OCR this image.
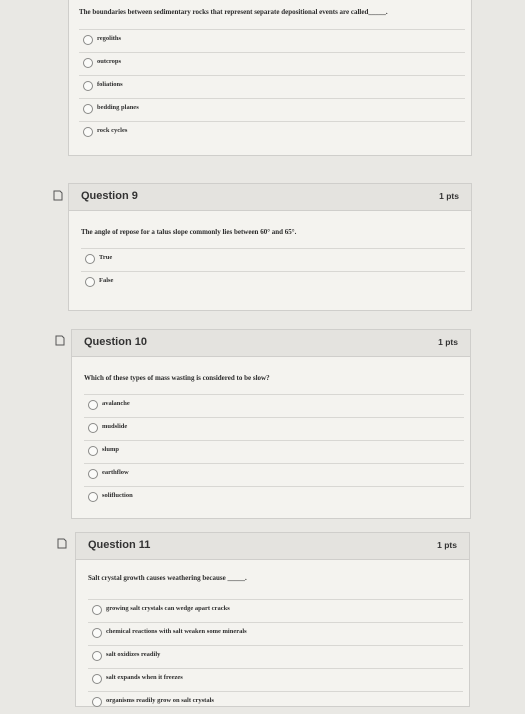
The boundaries between sedimentary rocks that represent separate depositional events are called_____.
regoliths
outcrops
foliations
bedding planes
rock cycles
Question 9	1 pts
The angle of repose for a talus slope commonly lies between 60° and 65°.
True
False
Question 10	1 pts
Which of these types of mass wasting is considered to be slow?
avalanche
mudslide
slump
earthflow
solifluction
Question 11	1 pts
Salt crystal growth causes weathering because _____.
growing salt crystals can wedge apart cracks
chemical reactions with salt weaken some minerals
salt oxidizes readily
salt expands when it freezes
organisms readily grow on salt crystals
